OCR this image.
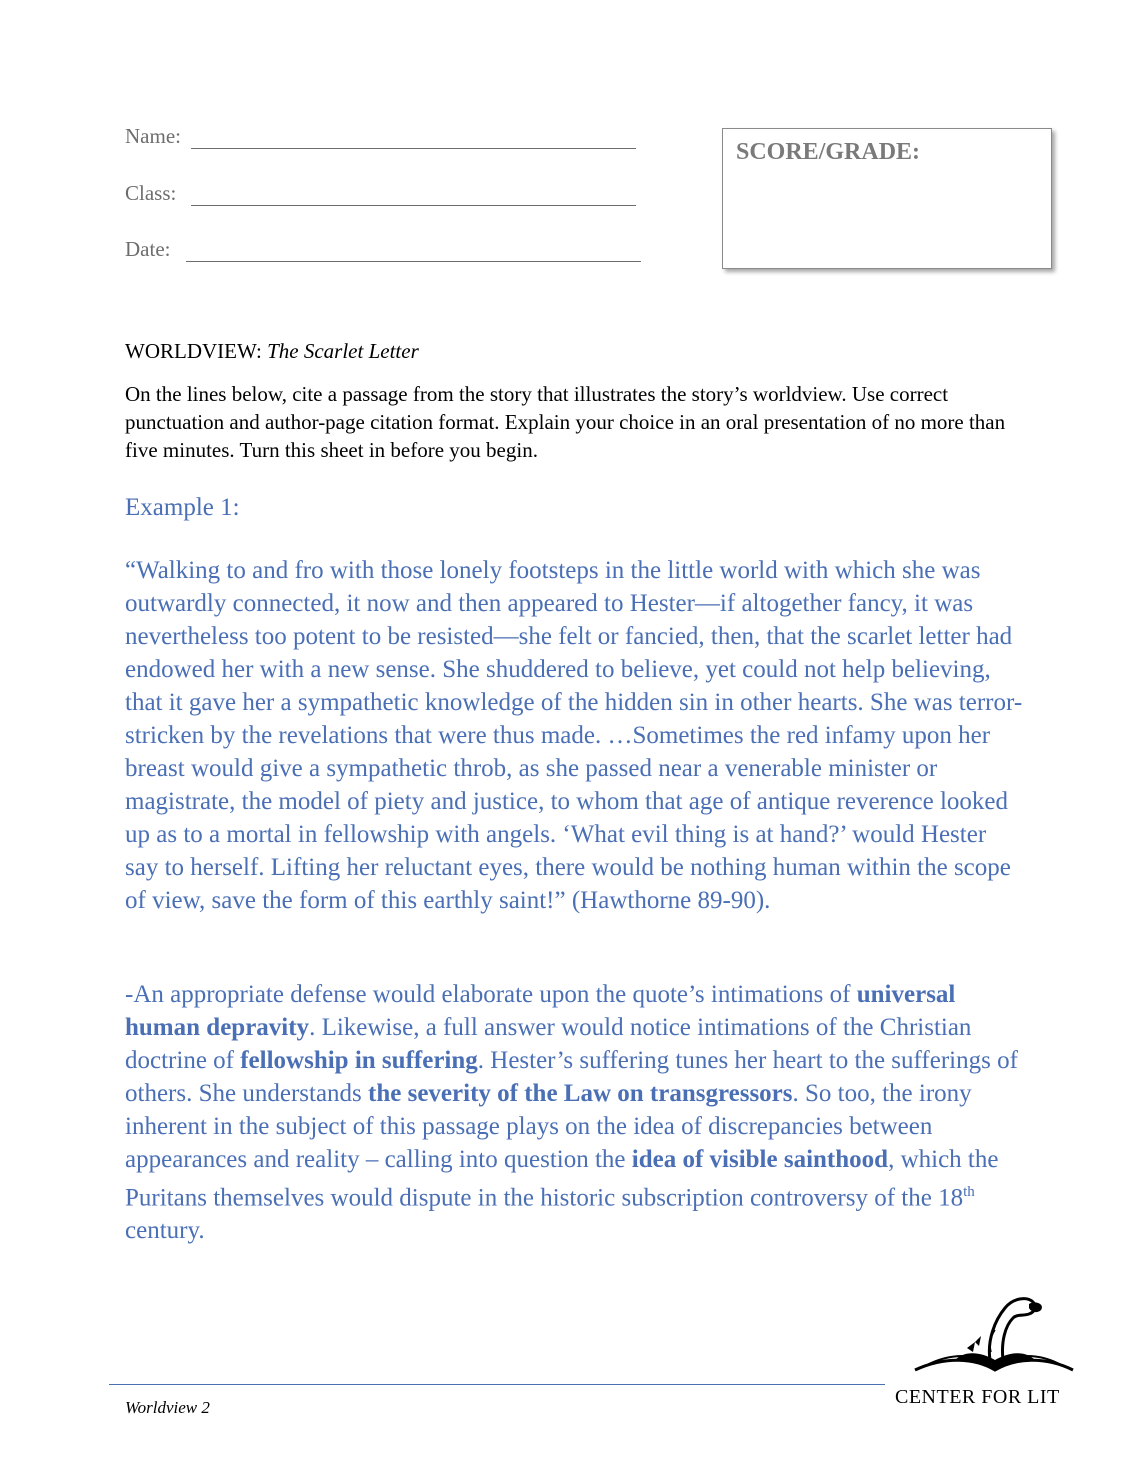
Name:
Class:
Date:
SCORE/GRADE:
WORLDVIEW: The Scarlet Letter
On the lines below, cite a passage from the story that illustrates the story’s worldview. Use correct punctuation and author-page citation format. Explain your choice in an oral presentation of no more than five minutes. Turn this sheet in before you begin.
Example 1:
“Walking to and fro with those lonely footsteps in the little world with which she was outwardly connected, it now and then appeared to Hester—if altogether fancy, it was nevertheless too potent to be resisted—she felt or fancied, then, that the scarlet letter had endowed her with a new sense. She shuddered to believe, yet could not help believing, that it gave her a sympathetic knowledge of the hidden sin in other hearts. She was terror-stricken by the revelations that were thus made. …Sometimes the red infamy upon her breast would give a sympathetic throb, as she passed near a venerable minister or magistrate, the model of piety and justice, to whom that age of antique reverence looked up as to a mortal in fellowship with angels. ‘What evil thing is at hand?’ would Hester say to herself. Lifting her reluctant eyes, there would be nothing human within the scope of view, save the form of this earthly saint!” (Hawthorne 89-90).
-An appropriate defense would elaborate upon the quote’s intimations of universal human depravity. Likewise, a full answer would notice intimations of the Christian doctrine of fellowship in suffering. Hester’s suffering tunes her heart to the sufferings of others. She understands the severity of the Law on transgressors. So too, the irony inherent in the subject of this passage plays on the idea of discrepancies between appearances and reality – calling into question the idea of visible sainthood, which the Puritans themselves would dispute in the historic subscription controversy of the 18th century.
Worldview 2	CENTER FOR LIT
